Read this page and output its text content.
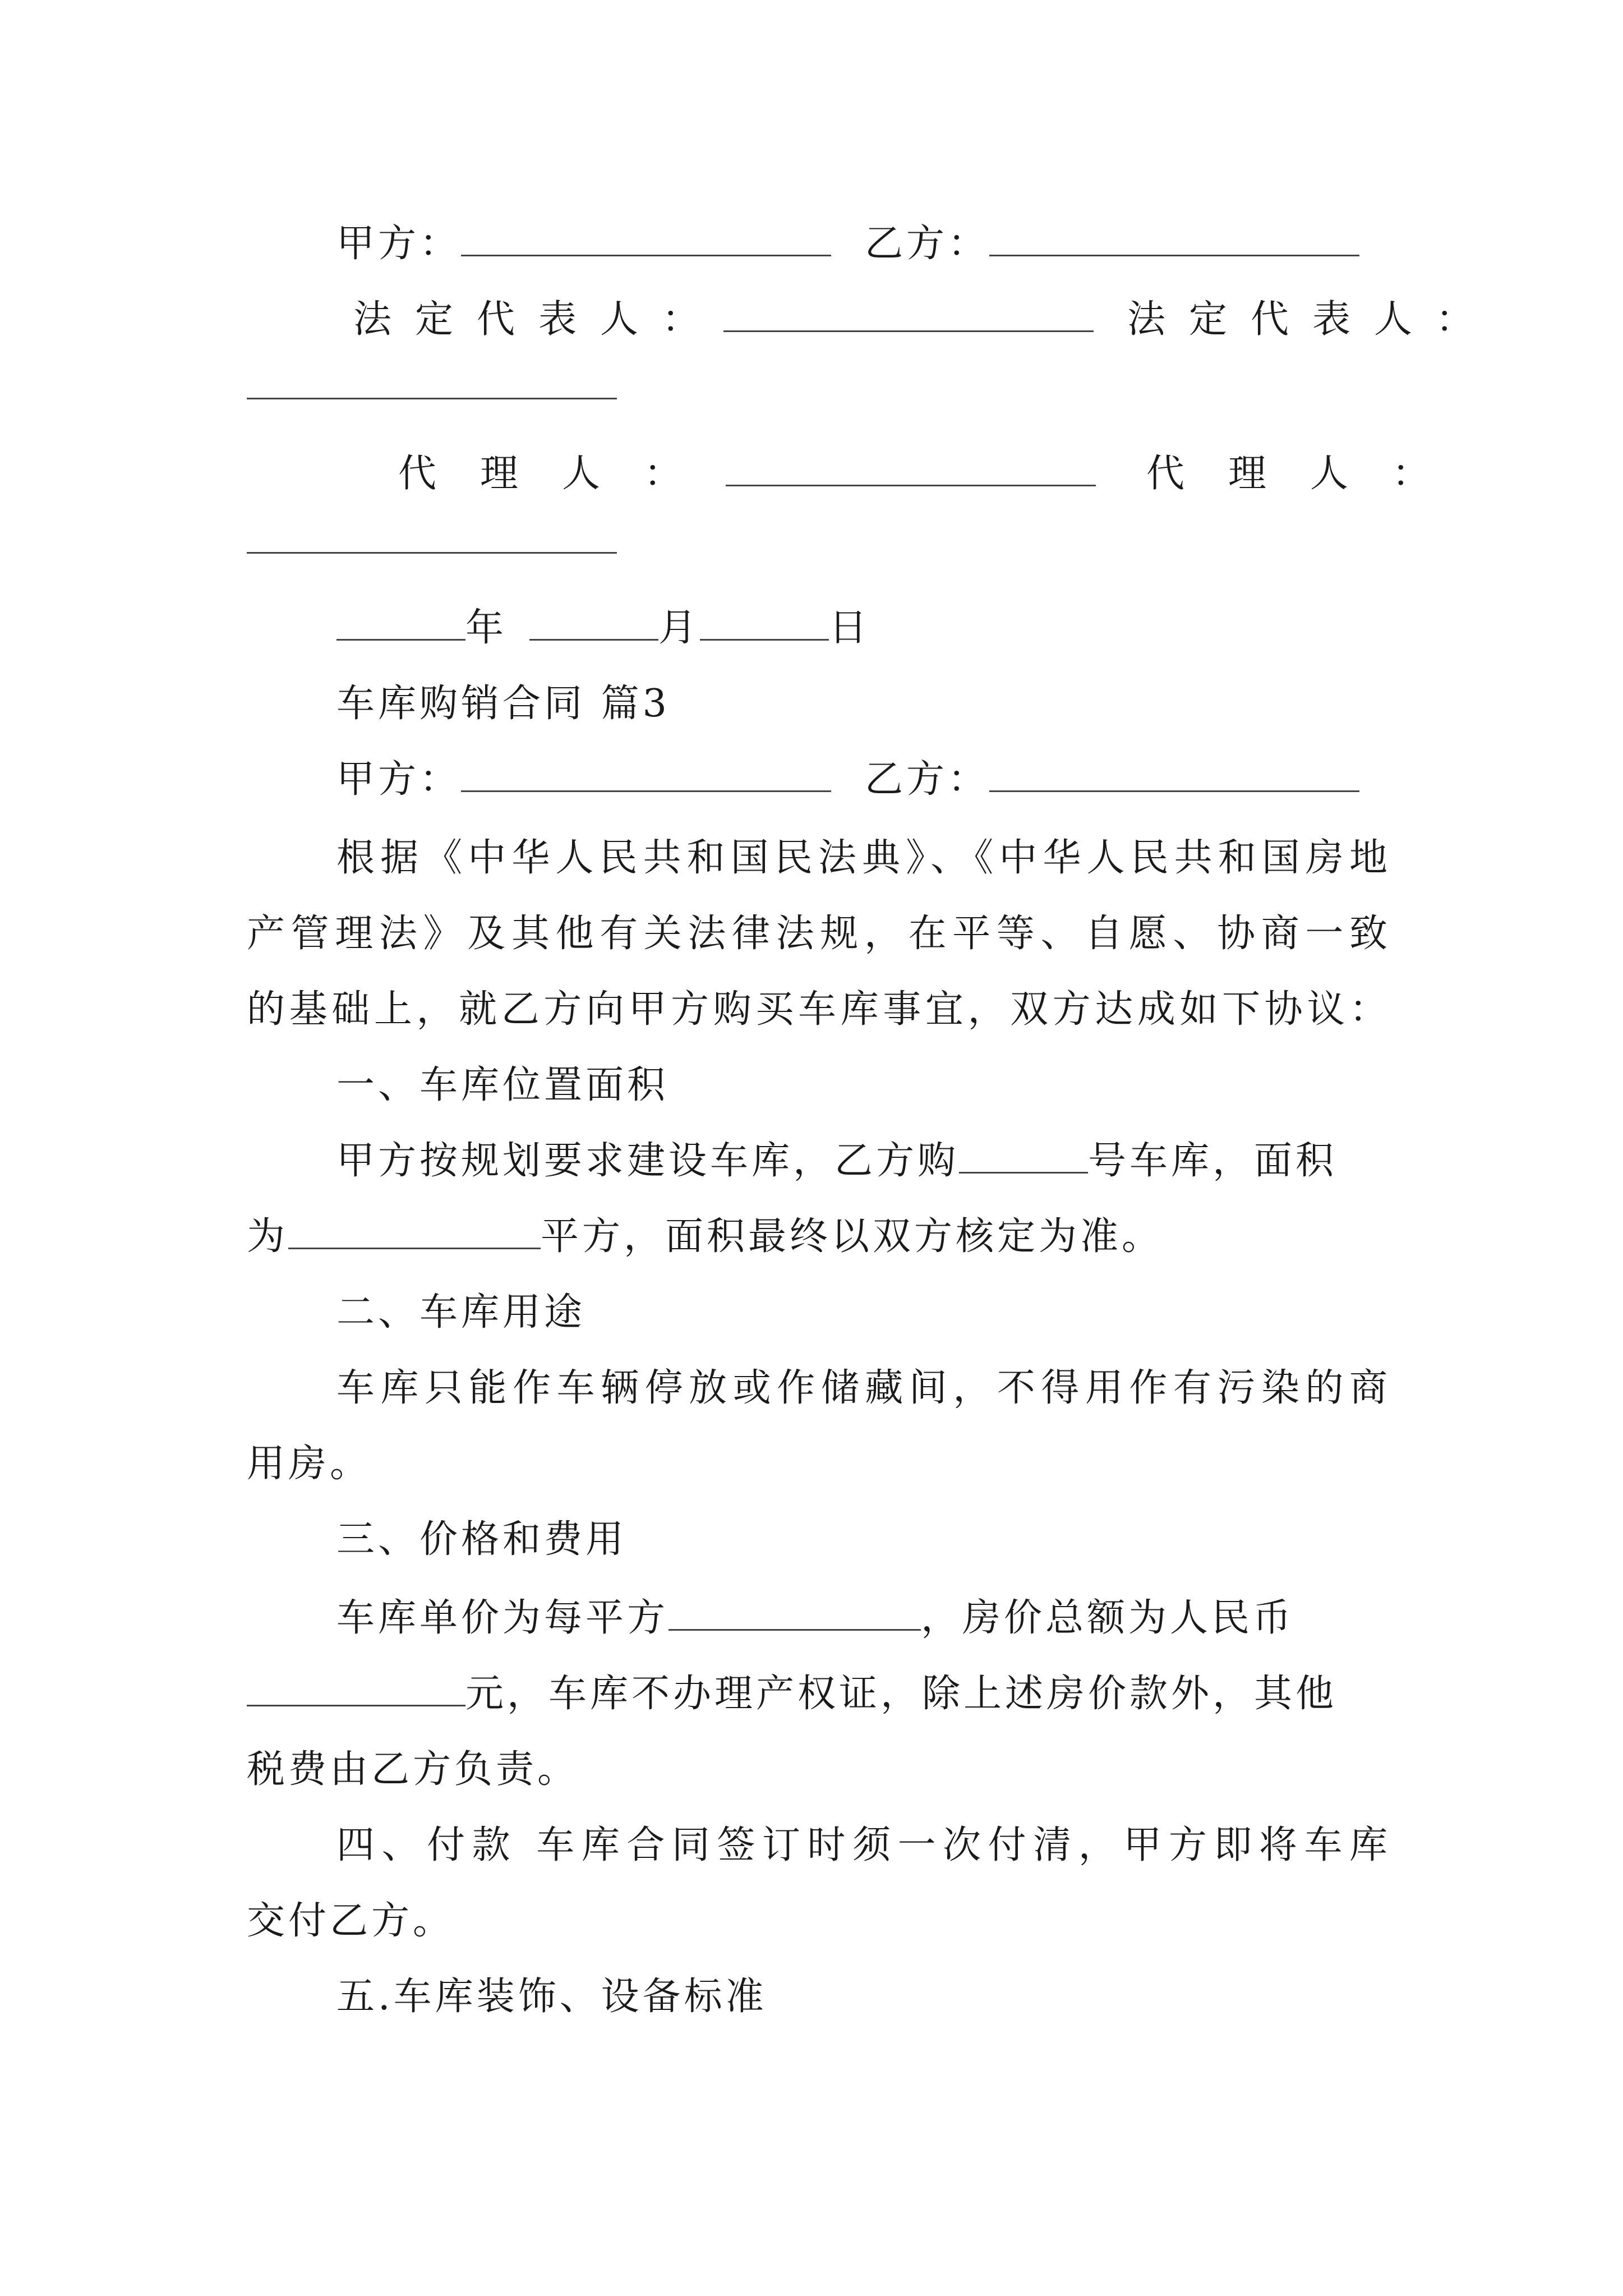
甲方：	乙方：
法定代表人：	法定代表人：
代理人：	代理人：
年	月	日
车库购销合同 篇3
甲方：	乙方：
根据《中华人民共和国民法典》、《中华人民共和国房地
产管理法》及其他有关法律法规，在平等、自愿、协商一致
的基础上，就乙方向甲方购买车库事宜，双方达成如下协议：
一、车库位置面积
甲方按规划要求建设车库，乙方购	号车库，面积
为	平方，面积最终以双方核定为准。
二、车库用途
车库只能作车辆停放或作储藏间，不得用作有污染的商
用房。
三、价格和费用
车库单价为每平方	，房价总额为人民币
元，车库不办理产权证，除上述房价款外，其他
税费由乙方负责。
四、付款 车库合同签订时须一次付清，甲方即将车库
交付乙方。
五.车库装饰、设备标准
